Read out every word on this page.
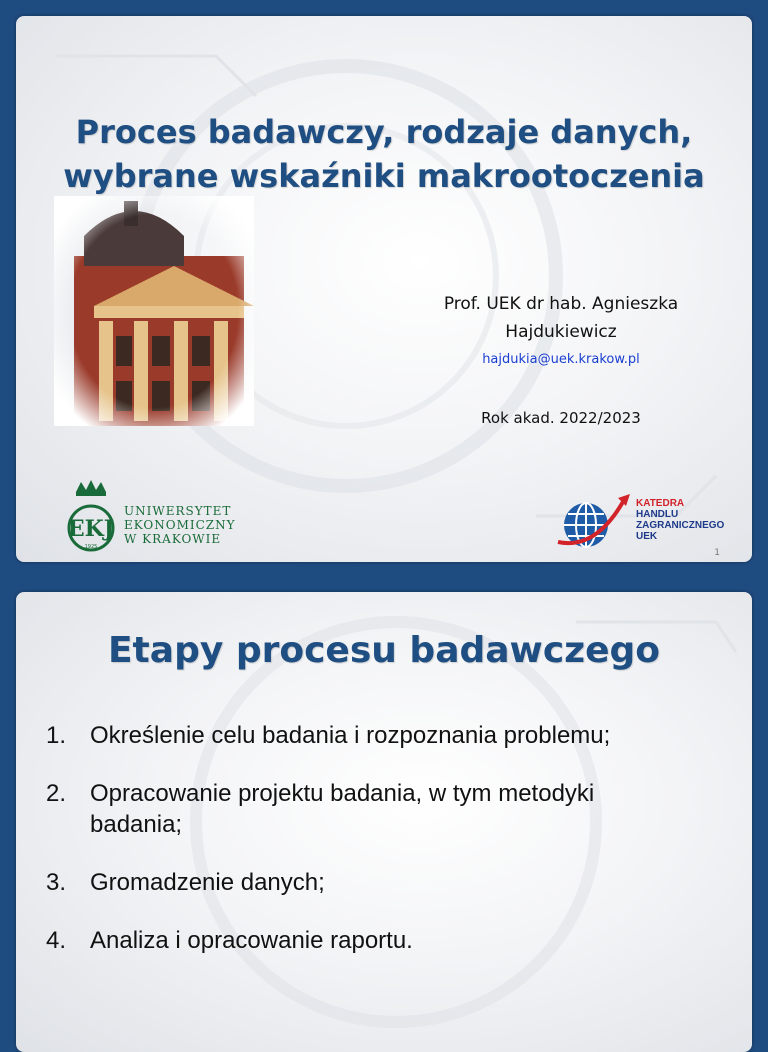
Proces badawczy, rodzaje danych,
wybrane wskaźniki makrootoczenia
Prof. UEK dr hab. Agnieszka
Hajdukiewicz
hajdukia@uek.krakow.pl
Rok akad. 2022/2023
EKJ
1925
UNIWERSYTET
EKONOMICZNY
W KRAKOWIE
KATEDRA
HANDLU
ZAGRANICZNEGO
UEK
1
Etapy procesu badawczego
1. Określenie celu badania i rozpoznania problemu;
2. Opracowanie projektu badania, w tym metodyki badania;
3. Gromadzenie danych;
4. Analiza i opracowanie raportu.
